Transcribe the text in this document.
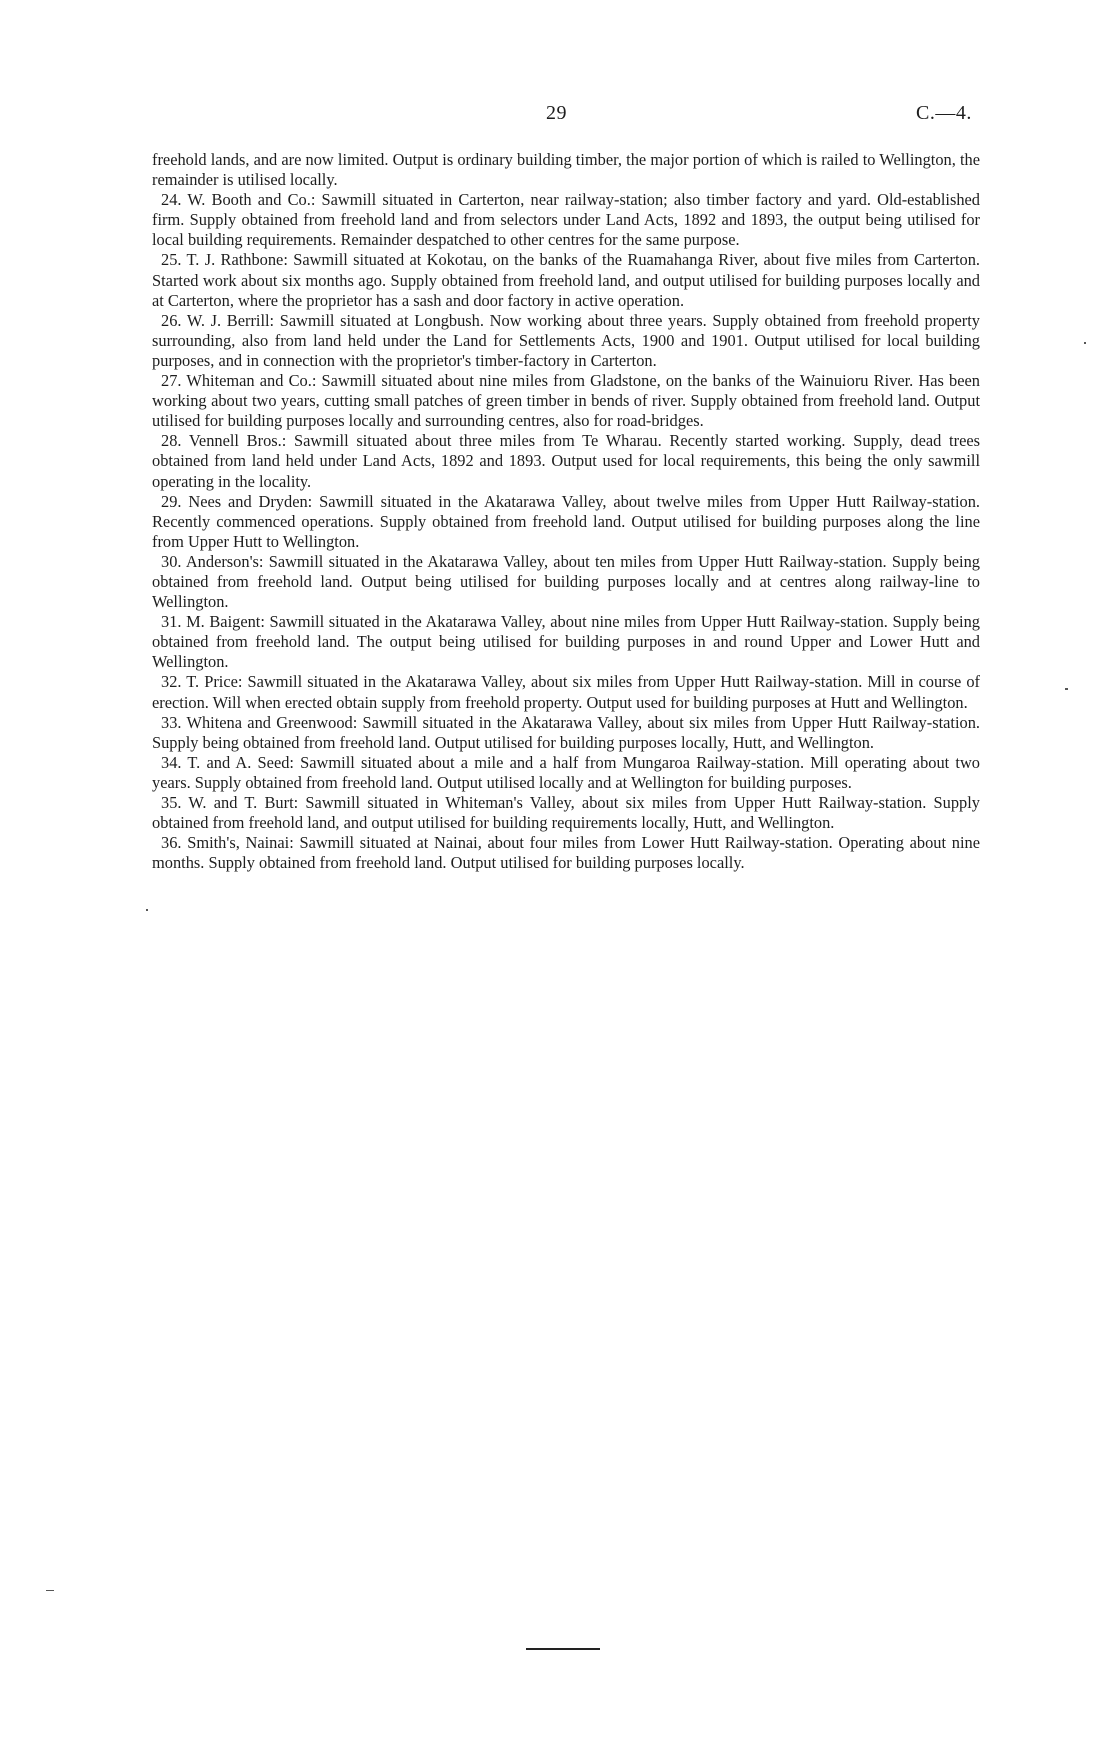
29	C.—4.

freehold lands, and are now limited. Output is ordinary building timber, the major portion of which is railed to Wellington, the remainder is utilised locally.

24. W. Booth and Co.: Sawmill situated in Carterton, near railway-station; also timber factory and yard. Old-established firm. Supply obtained from freehold land and from selectors under Land Acts, 1892 and 1893, the output being utilised for local building requirements. Remainder despatched to other centres for the same purpose.

25. T. J. Rathbone: Sawmill situated at Kokotau, on the banks of the Ruamahanga River, about five miles from Carterton. Started work about six months ago. Supply obtained from freehold land, and output utilised for building purposes locally and at Carterton, where the proprietor has a sash and door factory in active operation.

26. W. J. Berrill: Sawmill situated at Longbush. Now working about three years. Supply obtained from freehold property surrounding, also from land held under the Land for Settlements Acts, 1900 and 1901. Output utilised for local building purposes, and in connection with the proprietor's timber-factory in Carterton.

27. Whiteman and Co.: Sawmill situated about nine miles from Gladstone, on the banks of the Wainuioru River. Has been working about two years, cutting small patches of green timber in bends of river. Supply obtained from freehold land. Output utilised for building purposes locally and surrounding centres, also for road-bridges.

28. Vennell Bros.: Sawmill situated about three miles from Te Wharau. Recently started working. Supply, dead trees obtained from land held under Land Acts, 1892 and 1893. Output used for local requirements, this being the only sawmill operating in the locality.

29. Nees and Dryden: Sawmill situated in the Akatarawa Valley, about twelve miles from Upper Hutt Railway-station. Recently commenced operations. Supply obtained from freehold land. Output utilised for building purposes along the line from Upper Hutt to Wellington.

30. Anderson's: Sawmill situated in the Akatarawa Valley, about ten miles from Upper Hutt Railway-station. Supply being obtained from freehold land. Output being utilised for building purposes locally and at centres along railway-line to Wellington.

31. M. Baigent: Sawmill situated in the Akatarawa Valley, about nine miles from Upper Hutt Railway-station. Supply being obtained from freehold land. The output being utilised for building purposes in and round Upper and Lower Hutt and Wellington.

32. T. Price: Sawmill situated in the Akatarawa Valley, about six miles from Upper Hutt Railway-station. Mill in course of erection. Will when erected obtain supply from freehold property. Output used for building purposes at Hutt and Wellington.

33. Whitena and Greenwood: Sawmill situated in the Akatarawa Valley, about six miles from Upper Hutt Railway-station. Supply being obtained from freehold land. Output utilised for building purposes locally, Hutt, and Wellington.

34. T. and A. Seed: Sawmill situated about a mile and a half from Mungaroa Railway-station. Mill operating about two years. Supply obtained from freehold land. Output utilised locally and at Wellington for building purposes.

35. W. and T. Burt: Sawmill situated in Whiteman's Valley, about six miles from Upper Hutt Railway-station. Supply obtained from freehold land, and output utilised for building requirements locally, Hutt, and Wellington.

36. Smith's, Nainai: Sawmill situated at Nainai, about four miles from Lower Hutt Railway-station. Operating about nine months. Supply obtained from freehold land. Output utilised for building purposes locally.
